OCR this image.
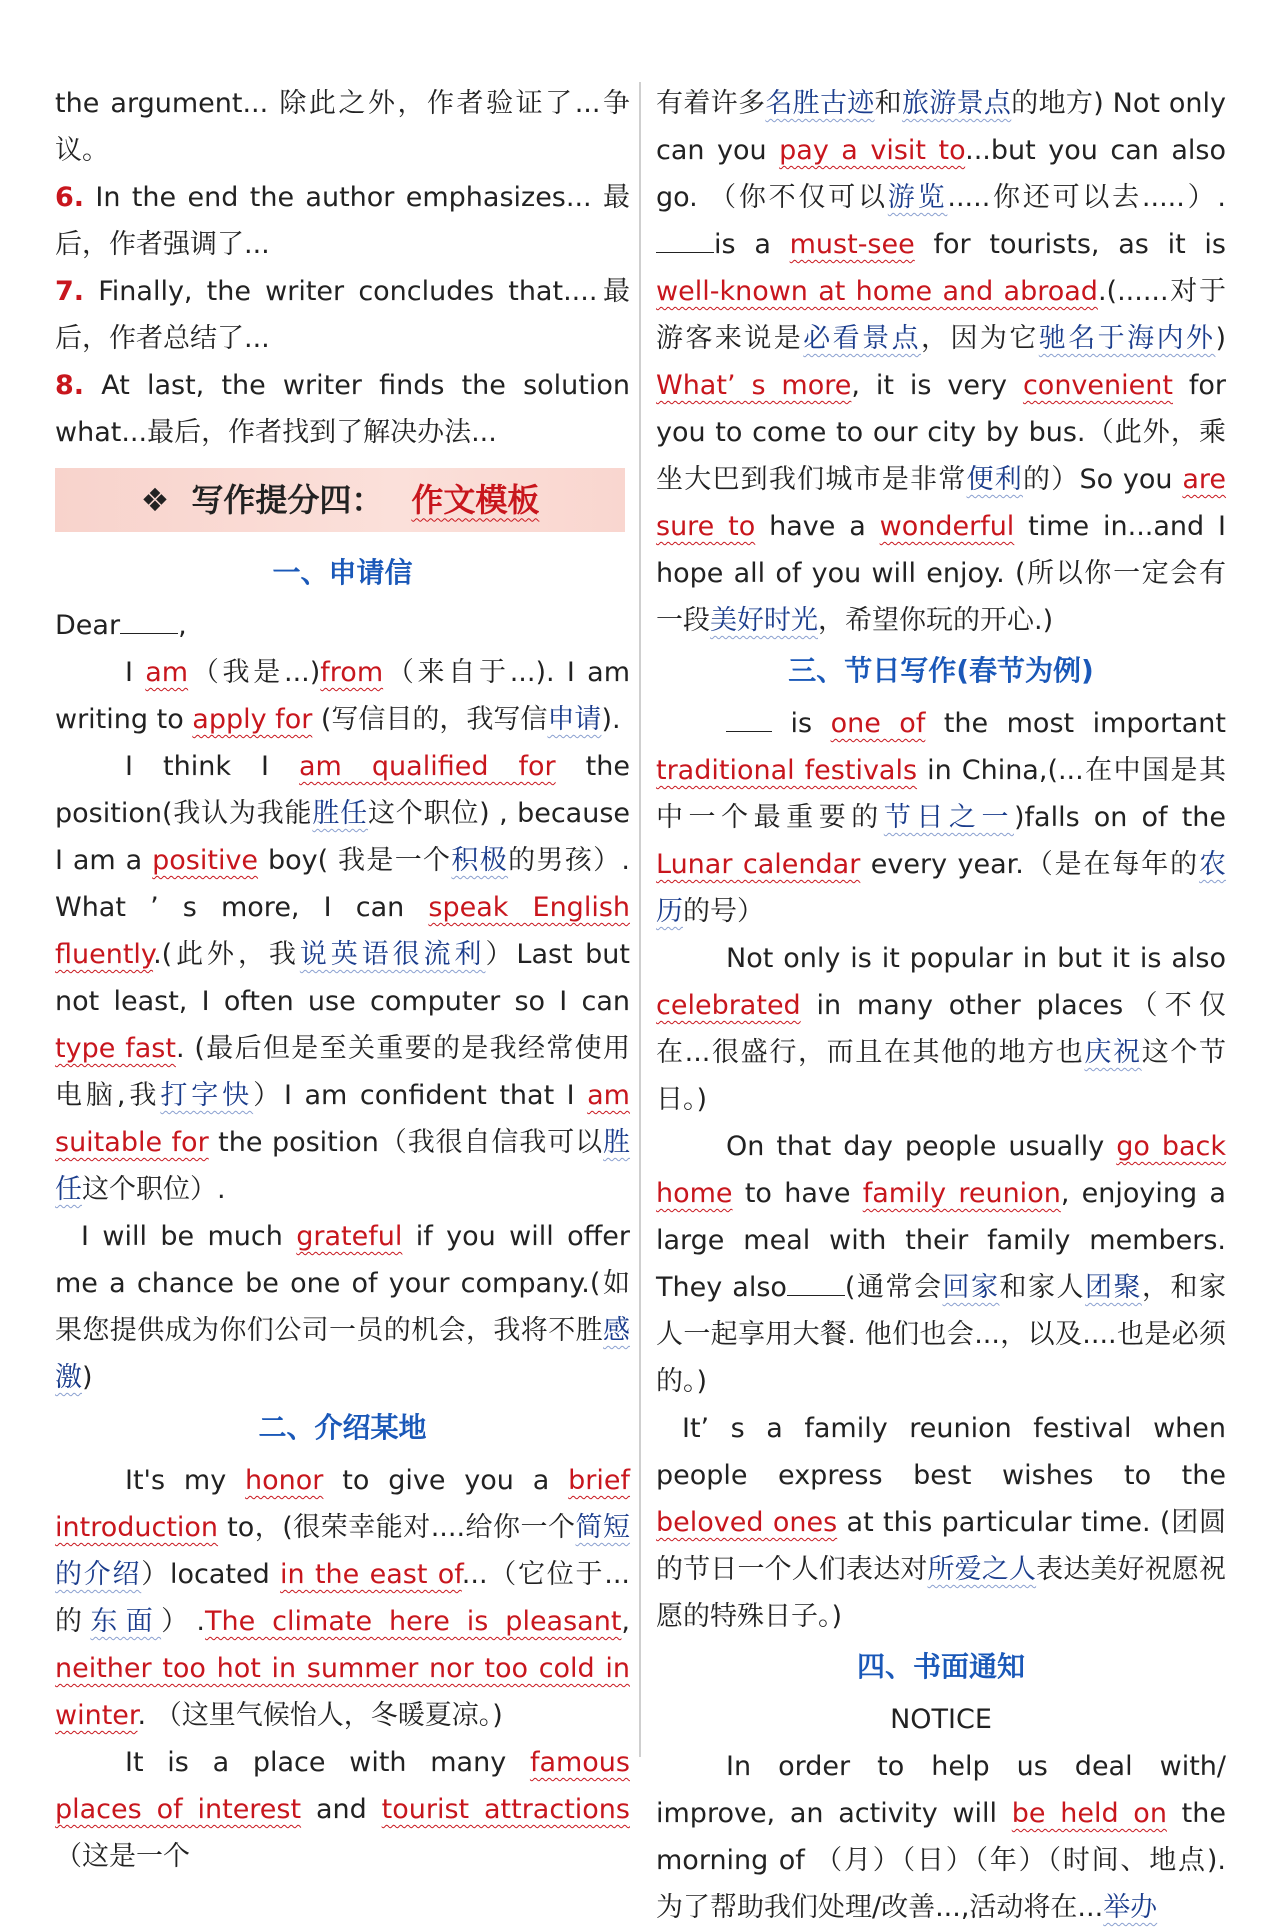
the argument... 除此之外，作者验证了...争议。

6. In the end the author emphasizes... 最后，作者强调了...

7. Finally, the writer concludes that....最后，作者总结了...

8. At last, the writer finds the solution what...最后，作者找到了解决办法...

❖ 写作提分四： 作文模板
一、申请信

Dear ,

I am（我是...)from（来自于...). I am writing to apply for (写信目的，我写信申请).

I think I am qualified for the position(我认为我能胜任这个职位) , because I am a positive boy( 我是一个积极的男孩）. What ’ s more, I can speak English fluently.(此外，我说英语很流利）Last but not least, I often use computer so I can type fast. (最后但是至关重要的是我经常使用电脑,我打字快）I am confident that I am suitable for the position（我很自信我可以胜任这个职位）.

I will be much grateful if you will offer me a chance be one of your company.(如果您提供成为你们公司一员的机会，我将不胜感激)

二、介绍某地

It's my honor to give you a brief introduction to，(很荣幸能对....给你一个简短的介绍）located in the east of...（它位于...的东面）.The climate here is pleasant, neither too hot in summer nor too cold in winter. （这里气候怡人，冬暖夏凉。)

It is a place with many famous places of interest and tourist attractions（这是一个

有着许多名胜古迹和旅游景点的地方) Not only can you pay a visit to...but you can also go. （你不仅可以游览.....你还可以去.....）.is a must-see for tourists, as it is well-known at home and abroad.(......对于游客来说是必看景点，因为它驰名于海内外) What’ s more, it is very convenient for you to come to our city by bus.（此外，乘坐大巴到我们城市是非常便利的）So you are sure to have a wonderful time in...and I hope all of you will enjoy. (所以你一定会有一段美好时光，希望你玩的开心.)

三、节日写作(春节为例)

is one of the most important traditional festivals in China,(...在中国是其中一个最重要的节日之一)falls on of the Lunar calendar every year.（是在每年的农历的号）

Not only is it popular in but it is also celebrated in many other places（不仅在...很盛行，而且在其他的地方也庆祝这个节日。)

On that day people usually go back home to have family reunion, enjoying a large meal with their family members. They also (通常会回家和家人团聚，和家人一起享用大餐. 他们也会...，以及....也是必须的。)

It’ s a family reunion festival when people express best wishes to the beloved ones at this particular time. (团圆的节日一个人们表达对所爱之人表达美好祝愿祝愿的特殊日子。)

四、书面通知

NOTICE

In order to help us deal with/ improve, an activity will be held on the morning of （月）（日）（年）（时间、地点). 为了帮助我们处理/改善...,活动将在...举办
